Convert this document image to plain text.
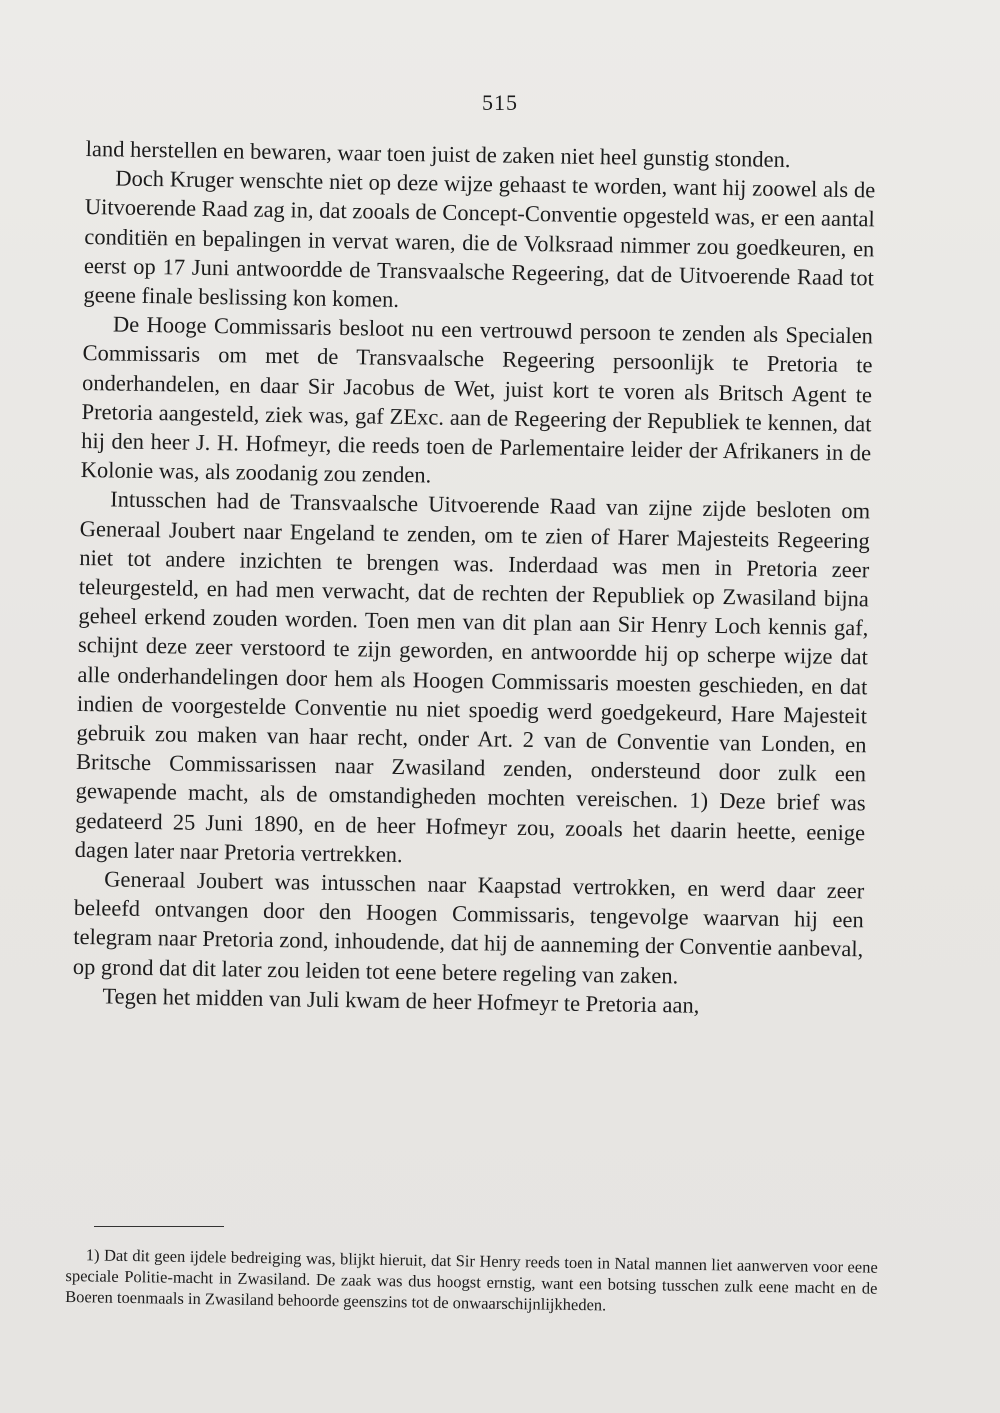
515

land herstellen en bewaren, waar toen juist de zaken niet heel gunstig stonden.

Doch Kruger wenschte niet op deze wijze gehaast te worden, want hij zoowel als de Uitvoerende Raad zag in, dat zooals de Concept-Conventie opgesteld was, er een aantal conditiën en bepalingen in vervat waren, die de Volksraad nimmer zou goedkeuren, en eerst op 17 Juni antwoordde de Transvaalsche Regeering, dat de Uitvoerende Raad tot geene finale beslissing kon komen.

De Hooge Commissaris besloot nu een vertrouwd persoon te zenden als Specialen Commissaris om met de Transvaalsche Regeering persoonlijk te Pretoria te onderhandelen, en daar Sir Jacobus de Wet, juist kort te voren als Britsch Agent te Pretoria aangesteld, ziek was, gaf ZExc. aan de Regeering der Republiek te kennen, dat hij den heer J. H. Hofmeyr, die reeds toen de Parlementaire leider der Afrikaners in de Kolonie was, als zoodanig zou zenden.

Intusschen had de Transvaalsche Uitvoerende Raad van zijne zijde besloten om Generaal Joubert naar Engeland te zenden, om te zien of Harer Majesteits Regeering niet tot andere inzichten te brengen was. Inderdaad was men in Pretoria zeer teleurgesteld, en had men verwacht, dat de rechten der Republiek op Zwasiland bijna geheel erkend zouden worden. Toen men van dit plan aan Sir Henry Loch kennis gaf, schijnt deze zeer verstoord te zijn geworden, en antwoordde hij op scherpe wijze dat alle onderhandelingen door hem als Hoogen Commissaris moesten geschieden, en dat indien de voorgestelde Conventie nu niet spoedig werd goedgekeurd, Hare Majesteit gebruik zou maken van haar recht, onder Art. 2 van de Conventie van Londen, en Britsche Commissarissen naar Zwasiland zenden, ondersteund door zulk een gewapende macht, als de omstandigheden mochten vereischen. 1) Deze brief was gedateerd 25 Juni 1890, en de heer Hofmeyr zou, zooals het daarin heette, eenige dagen later naar Pretoria vertrekken.

Generaal Joubert was intusschen naar Kaapstad vertrokken, en werd daar zeer beleefd ontvangen door den Hoogen Commissaris, tengevolge waarvan hij een telegram naar Pretoria zond, inhoudende, dat hij de aanneming der Conventie aanbeval, op grond dat dit later zou leiden tot eene betere regeling van zaken.

Tegen het midden van Juli kwam de heer Hofmeyr te Pretoria aan,

1) Dat dit geen ijdele bedreiging was, blijkt hieruit, dat Sir Henry reeds toen in Natal mannen liet aanwerven voor eene speciale Politie-macht in Zwasiland. De zaak was dus hoogst ernstig, want een botsing tusschen zulk eene macht en de Boeren toenmaals in Zwasiland behoorde geenszins tot de onwaarschijnlijkheden.
